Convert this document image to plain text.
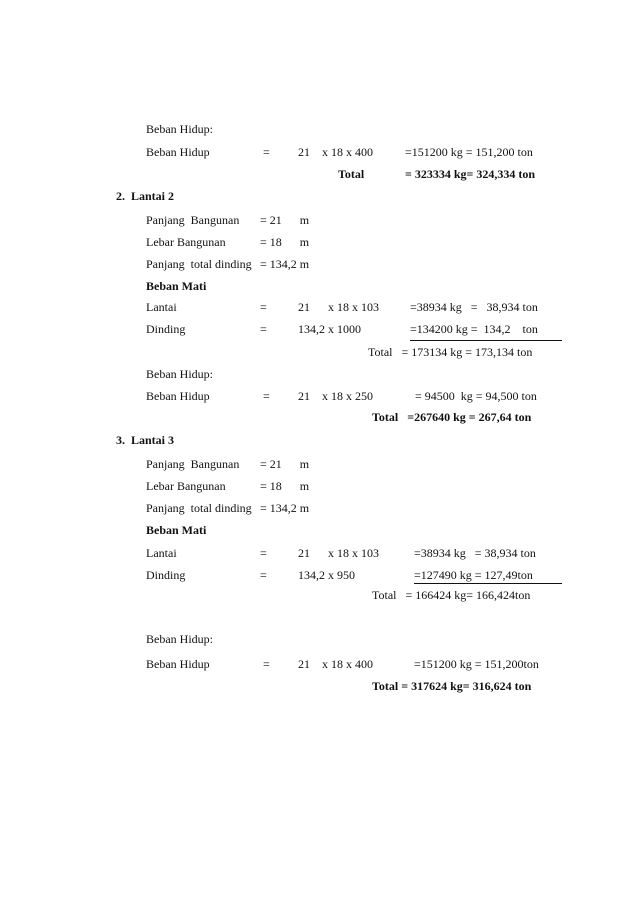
Beban Hidup:
Beban Hidup	= 21    x 18 x 400	=151200 kg = 151,200 ton
Total	= 323334 kg= 324,334 ton
2.  Lantai 2
Panjang  Bangunan = 21      m
Lebar Bangunan	= 18      m
Panjang  total dinding = 134,2 m
Beban Mati
Lantai	=	21      x 18 x 103	=38934 kg   =   38,934 ton
Dinding	=	134,2 x 1000	=134200 kg =  134,2    ton
Total   = 173134 kg = 173,134 ton
Beban Hidup:
Beban Hidup	= 21    x 18 x 250	= 94500  kg = 94,500 ton
Total   =267640 kg = 267,64 ton
3.  Lantai 3
Panjang  Bangunan = 21      m
Lebar Bangunan	= 18      m
Panjang  total dinding = 134,2 m
Beban Mati
Lantai	=	21      x 18 x 103	=38934 kg   = 38,934 ton
Dinding	=	134,2 x 950	=127490 kg = 127,49ton
Total   = 166424 kg= 166,424ton
Beban Hidup:
Beban Hidup	= 21    x 18 x 400	=151200 kg = 151,200ton
Total = 317624 kg= 316,624 ton
